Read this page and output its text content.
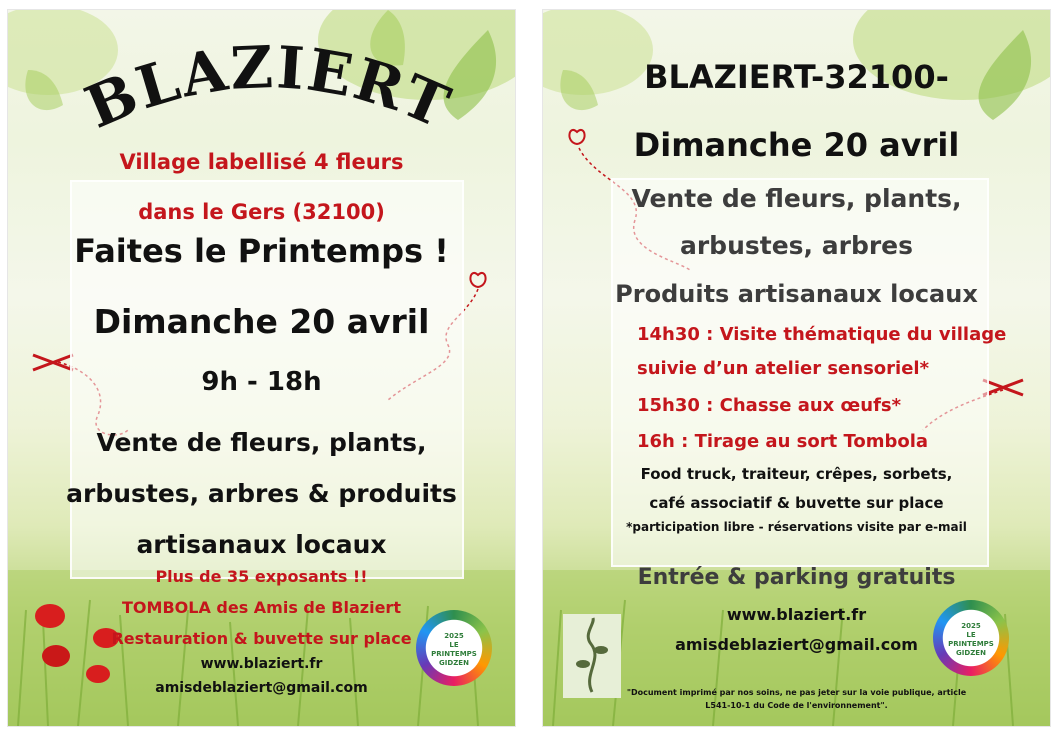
BLAZIERT
Village labellisé 4 fleurs
dans le Gers (32100)
Faites le Printemps !
Dimanche 20 avril
9h - 18h
Vente de fleurs, plants,
arbustes, arbres & produits
artisanaux locaux
Plus de 35 exposants !!
TOMBOLA des Amis de Blaziert
Restauration & buvette sur place
www.blaziert.fr
amisdeblaziert@gmail.com
2025
LE PRINTEMPS GIDZEN
BLAZIERT-32100-
Dimanche 20 avril
Vente de fleurs, plants,
arbustes, arbres
Produits artisanaux locaux
14h30 : Visite thématique du village
suivie d’un atelier sensoriel*
15h30 : Chasse aux œufs*
16h : Tirage au sort Tombola
Food truck, traiteur, crêpes, sorbets,
café associatif & buvette sur place
*participation libre - réservations visite par e-mail
Entrée & parking gratuits
www.blaziert.fr
amisdeblaziert@gmail.com
"Document imprimé par nos soins, ne pas jeter sur la voie publique, article
L541-10-1 du Code de l'environnement".
2025
LE PRINTEMPS GIDZEN
